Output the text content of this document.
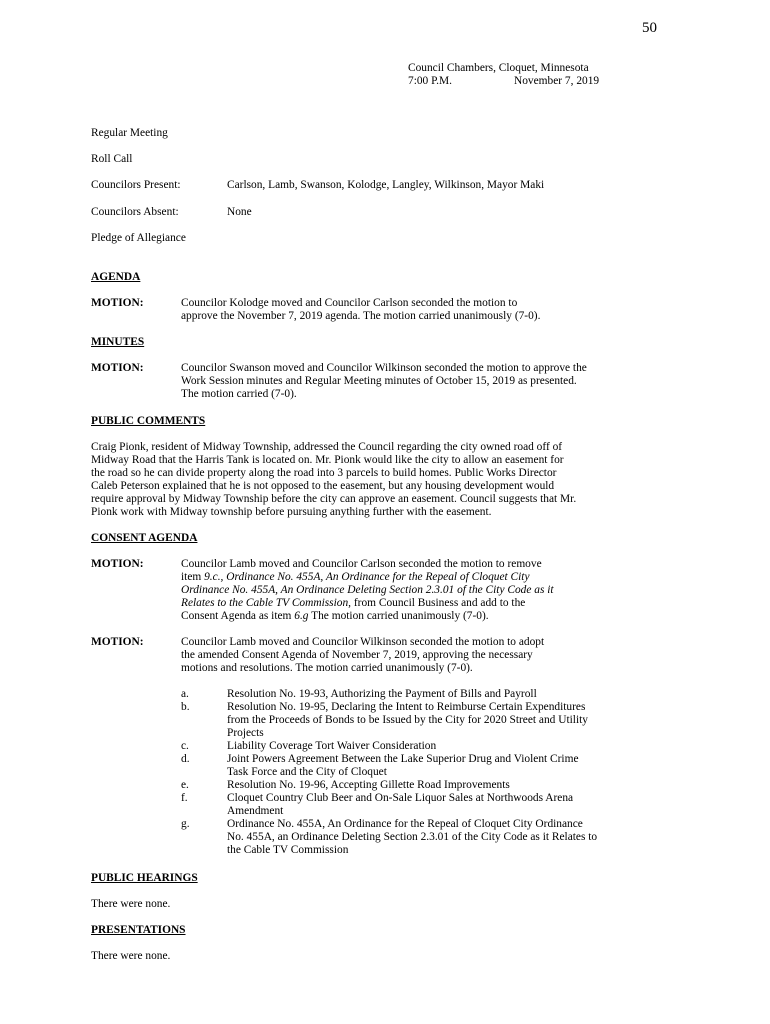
50
Council Chambers, Cloquet, Minnesota
7:00 P.M.	November 7, 2019
Regular Meeting
Roll Call
Councilors Present:	Carlson, Lamb, Swanson, Kolodge, Langley, Wilkinson, Mayor Maki
Councilors Absent:	None
Pledge of Allegiance
AGENDA
MOTION:	Councilor Kolodge moved and Councilor Carlson seconded the motion to
approve the November 7, 2019 agenda. The motion carried unanimously (7-0).
MINUTES
MOTION:	Councilor Swanson moved and Councilor Wilkinson seconded the motion to approve the
Work Session minutes and Regular Meeting minutes of October 15, 2019 as presented.
The motion carried (7-0).
PUBLIC COMMENTS
Craig Pionk, resident of Midway Township, addressed the Council regarding the city owned road off of
Midway Road that the Harris Tank is located on. Mr. Pionk would like the city to allow an easement for
the road so he can divide property along the road into 3 parcels to build homes. Public Works Director
Caleb Peterson explained that he is not opposed to the easement, but any housing development would
require approval by Midway Township before the city can approve an easement. Council suggests that Mr.
Pionk work with Midway township before pursuing anything further with the easement.
CONSENT AGENDA
MOTION:	Councilor Lamb moved and Councilor Carlson seconded the motion to remove
item 9.c., Ordinance No. 455A, An Ordinance for the Repeal of Cloquet City
Ordinance No. 455A, An Ordinance Deleting Section 2.3.01 of the City Code as it
Relates to the Cable TV Commission, from Council Business and add to the
Consent Agenda as item 6.g The motion carried unanimously (7-0).
MOTION:	Councilor Lamb moved and Councilor Wilkinson seconded the motion to adopt
the amended Consent Agenda of November 7, 2019, approving the necessary
motions and resolutions. The motion carried unanimously (7-0).
a.	Resolution No. 19-93, Authorizing the Payment of Bills and Payroll
b.	Resolution No. 19-95, Declaring the Intent to Reimburse Certain Expenditures
from the Proceeds of Bonds to be Issued by the City for 2020 Street and Utility
Projects
c.	Liability Coverage Tort Waiver Consideration
d.	Joint Powers Agreement Between the Lake Superior Drug and Violent Crime
Task Force and the City of Cloquet
e.	Resolution No. 19-96, Accepting Gillette Road Improvements
f.	Cloquet Country Club Beer and On-Sale Liquor Sales at Northwoods Arena
Amendment
g.	Ordinance No. 455A, An Ordinance for the Repeal of Cloquet City Ordinance
No. 455A, an Ordinance Deleting Section 2.3.01 of the City Code as it Relates to
the Cable TV Commission
PUBLIC HEARINGS
There were none.
PRESENTATIONS
There were none.
